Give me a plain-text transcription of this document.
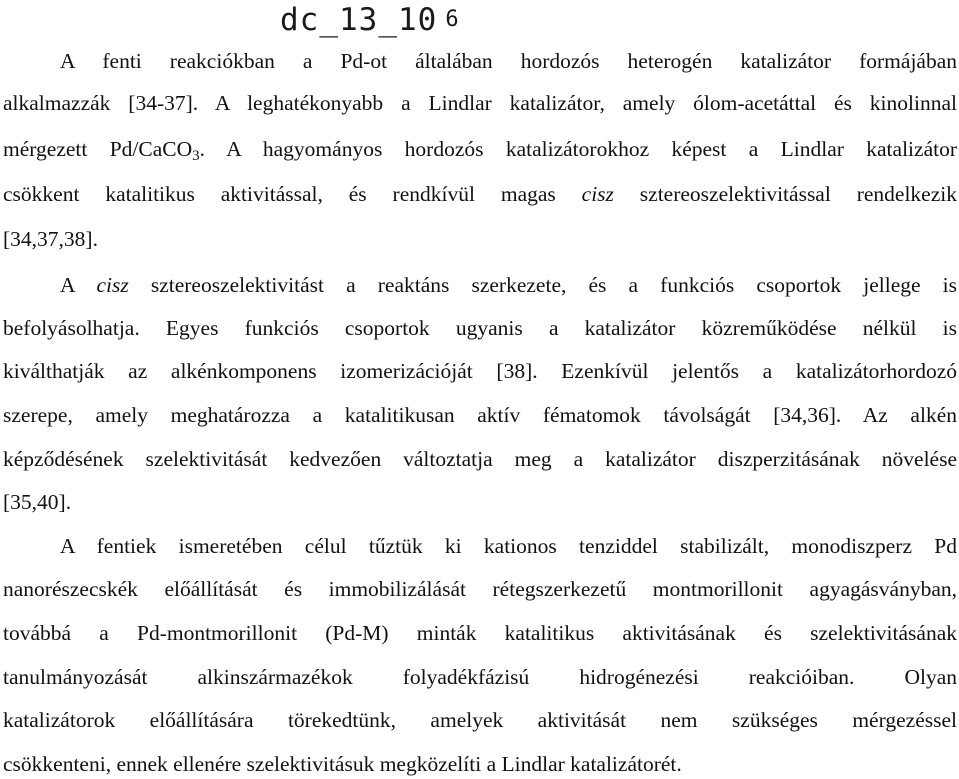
dc_13_10 $^6$
A fenti reakciókban a Pd-ot általában hordozós heterogén katalizátor formájában
alkalmazzák [34-37]. A leghatékonyabb a Lindlar katalizátor, amely ólom-acetáttal és kinolinnal
mérgezett Pd/CaCO$_3$. A hagyományos hordozós katalizátorokhoz képest a Lindlar katalizátor
csökkent katalitikus aktivitással, és rendkívül magas cisz sztereoszelektivitással rendelkezik
[34,37,38].
A cisz sztereoszelektivitást a reaktáns szerkezete, és a funkciós csoportok jellege is
befolyásolhatja. Egyes funkciós csoportok ugyanis a katalizátor közreműködése nélkül is
kiválthatják az alkénkomponens izomerizációját [38]. Ezenkívül jelentős a katalizátorhordozó
szerepe, amely meghatározza a katalitikusan aktív fématomok távolságát [34,36]. Az alkén
képződésének szelektivitását kedvezően változtatja meg a katalizátor diszperzitásának növelése
[35,40].
A fentiek ismeretében célul tűztük ki kationos tenziddel stabilizált, monodiszperz Pd
nanorészecskék előállítását és immobilizálását rétegszerkezetű montmorillonit agyagásványban,
továbbá a Pd-montmorillonit (Pd-M) minták katalitikus aktivitásának és szelektivitásának
tanulmányozását alkinszármazékok folyadékfázisú hidrogénezési reakcióiban. Olyan
katalizátorok előállítására törekedtünk, amelyek aktivitását nem szükséges mérgezéssel
csökkenteni, ennek ellenére szelektivitásuk megközelíti a Lindlar katalizátorét.
